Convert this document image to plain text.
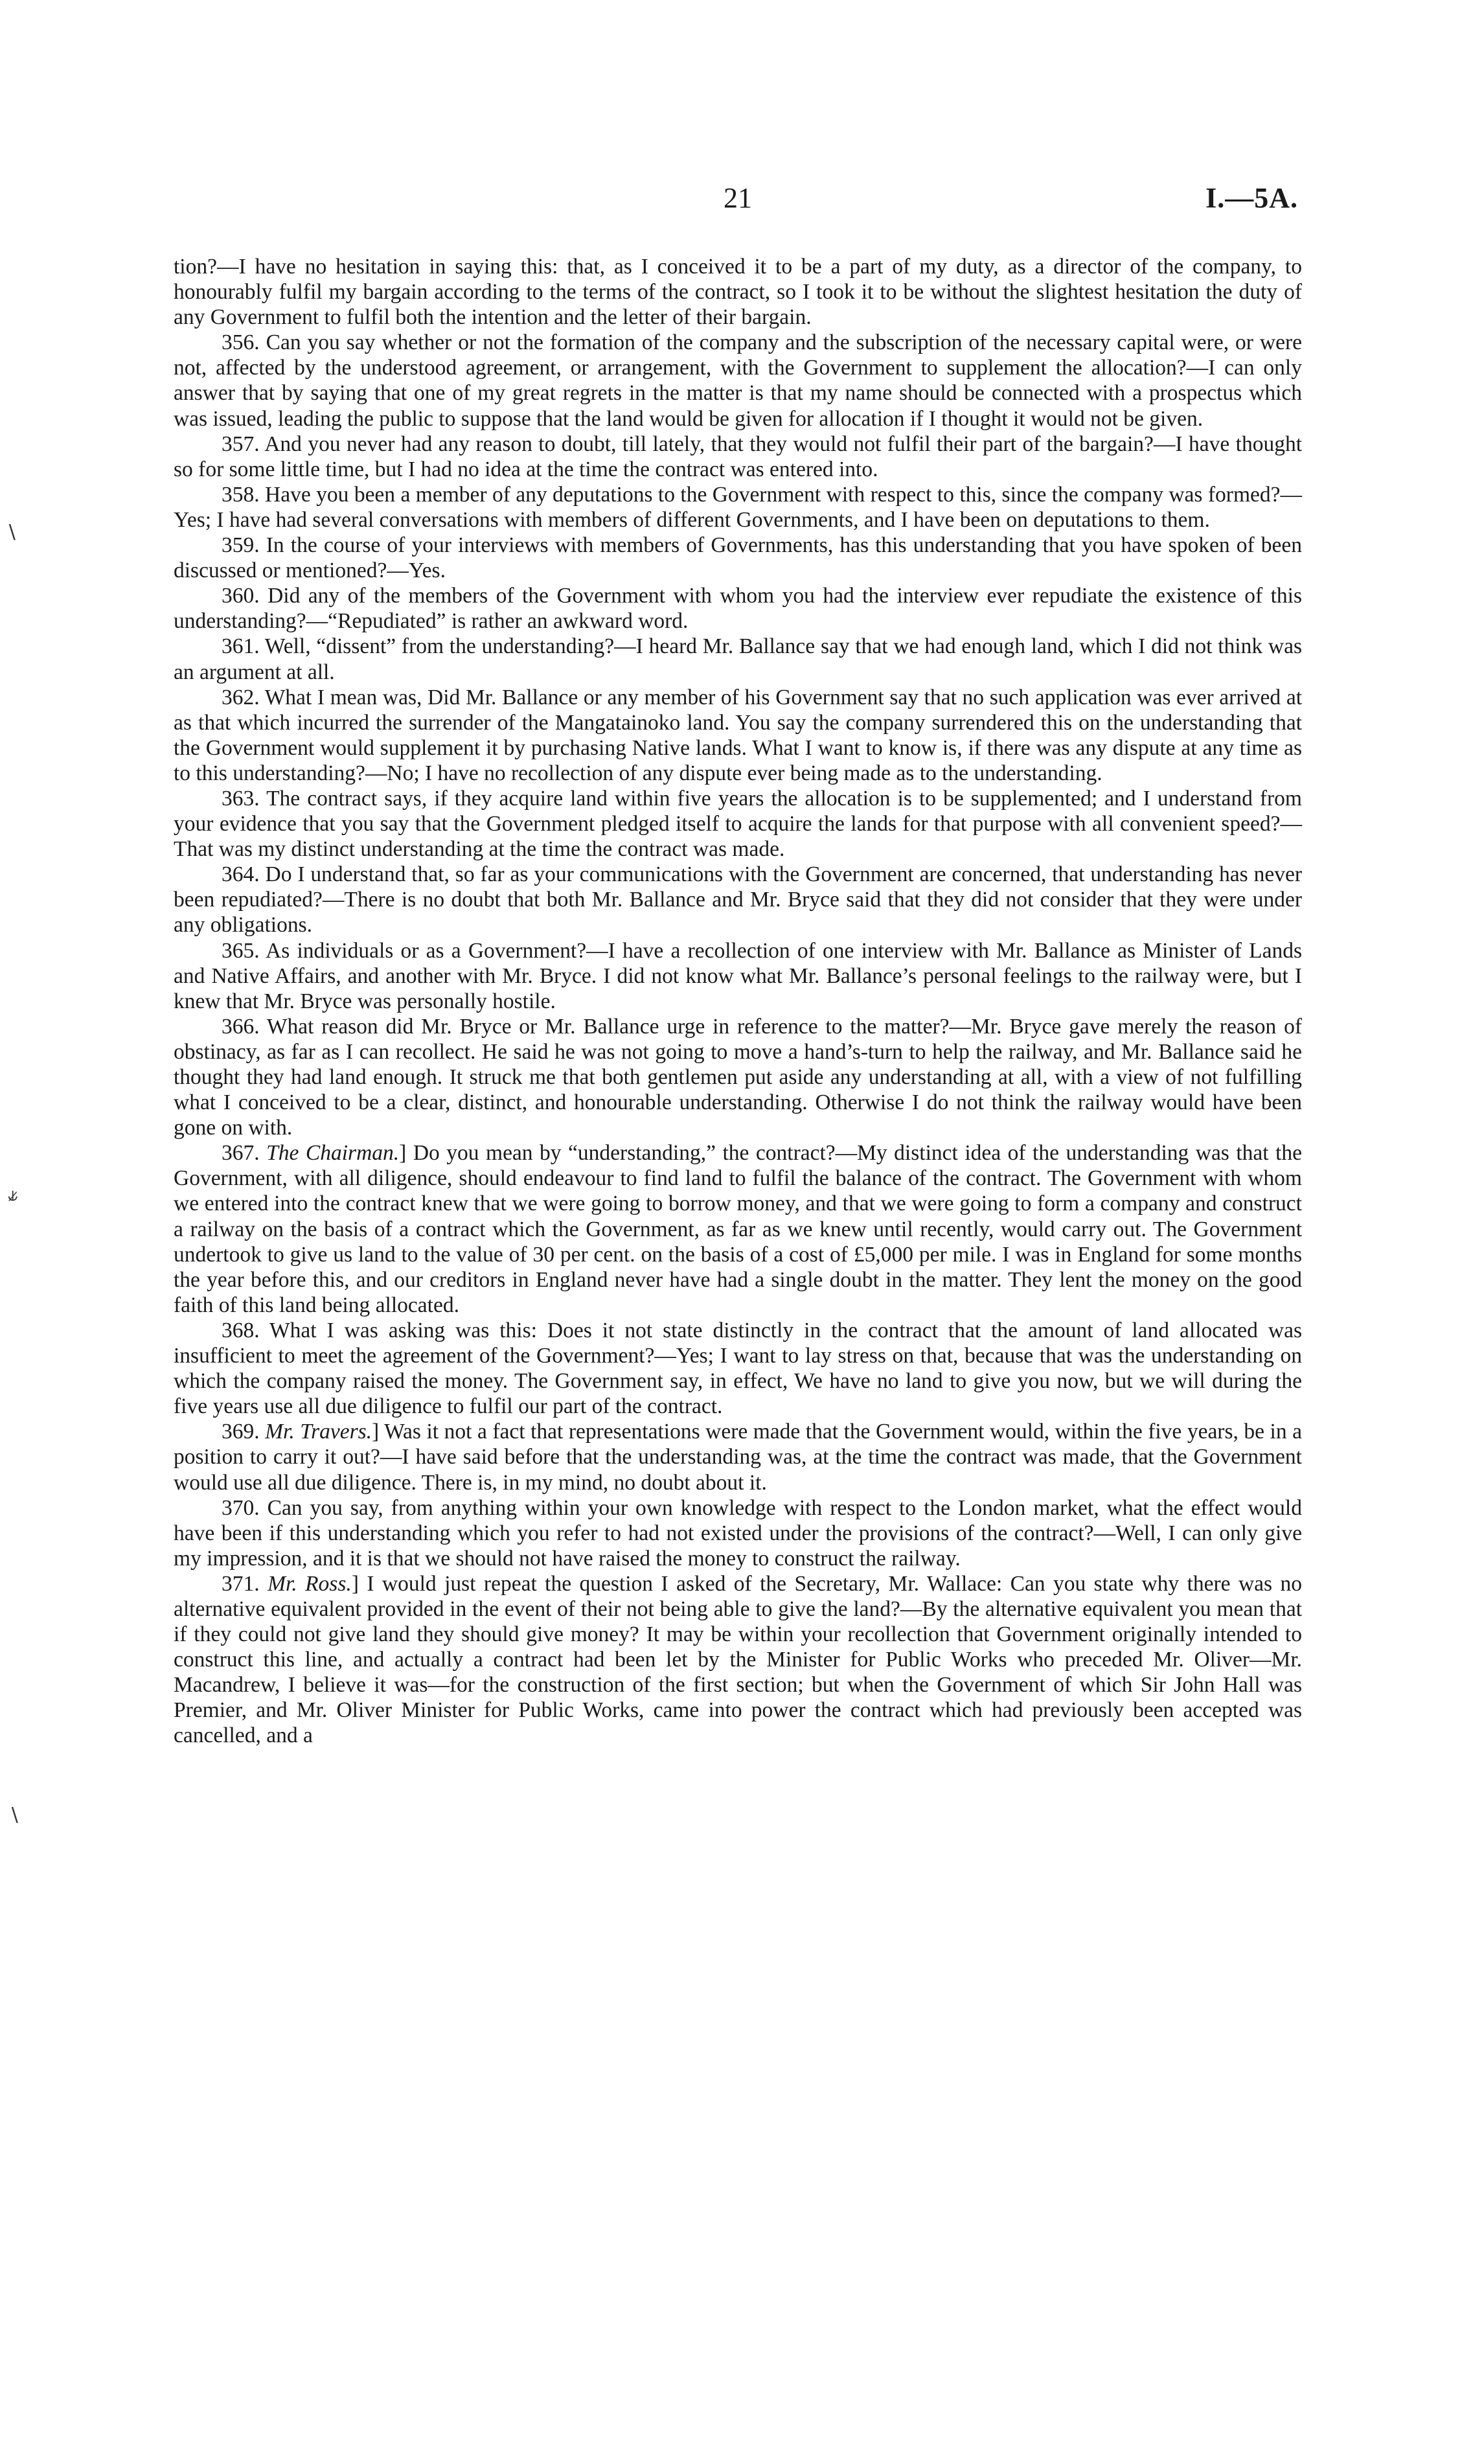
∖
⫝̸
∖
21	I.—5A.

tion?—I have no hesitation in saying this: that, as I conceived it to be a part of my duty, as a director of the company, to honourably fulfil my bargain according to the terms of the contract, so I took it to be without the slightest hesitation the duty of any Government to fulfil both the intention and the letter of their bargain.

356. Can you say whether or not the formation of the company and the subscription of the necessary capital were, or were not, affected by the understood agreement, or arrangement, with the Government to supplement the allocation?—I can only answer that by saying that one of my great regrets in the matter is that my name should be connected with a prospectus which was issued, leading the public to suppose that the land would be given for allocation if I thought it would not be given.

357. And you never had any reason to doubt, till lately, that they would not fulfil their part of the bargain?—I have thought so for some little time, but I had no idea at the time the contract was entered into.

358. Have you been a member of any deputations to the Government with respect to this, since the company was formed?—Yes; I have had several conversations with members of different Governments, and I have been on deputations to them.

359. In the course of your interviews with members of Governments, has this understanding that you have spoken of been discussed or mentioned?—Yes.

360. Did any of the members of the Government with whom you had the interview ever repudiate the existence of this understanding?—“Repudiated” is rather an awkward word.

361. Well, “dissent” from the understanding?—I heard Mr. Ballance say that we had enough land, which I did not think was an argument at all.

362. What I mean was, Did Mr. Ballance or any member of his Government say that no such application was ever arrived at as that which incurred the surrender of the Mangatainoko land. You say the company surrendered this on the understanding that the Government would supplement it by purchasing Native lands. What I want to know is, if there was any dispute at any time as to this understanding?—No; I have no recollection of any dispute ever being made as to the understanding.

363. The contract says, if they acquire land within five years the allocation is to be supplemented; and I understand from your evidence that you say that the Government pledged itself to acquire the lands for that purpose with all convenient speed?—That was my distinct understanding at the time the contract was made.

364. Do I understand that, so far as your communications with the Government are concerned, that understanding has never been repudiated?—There is no doubt that both Mr. Ballance and Mr. Bryce said that they did not consider that they were under any obligations.

365. As individuals or as a Government?—I have a recollection of one interview with Mr. Ballance as Minister of Lands and Native Affairs, and another with Mr. Bryce. I did not know what Mr. Ballance’s personal feelings to the railway were, but I knew that Mr. Bryce was personally hostile.

366. What reason did Mr. Bryce or Mr. Ballance urge in reference to the matter?—Mr. Bryce gave merely the reason of obstinacy, as far as I can recollect. He said he was not going to move a hand’s-turn to help the railway, and Mr. Ballance said he thought they had land enough. It struck me that both gentlemen put aside any understanding at all, with a view of not fulfilling what I conceived to be a clear, distinct, and honourable understanding. Otherwise I do not think the railway would have been gone on with.

367. The Chairman.] Do you mean by “understanding,” the contract?—My distinct idea of the understanding was that the Government, with all diligence, should endeavour to find land to fulfil the balance of the contract. The Government with whom we entered into the contract knew that we were going to borrow money, and that we were going to form a company and construct a railway on the basis of a contract which the Government, as far as we knew until recently, would carry out. The Government undertook to give us land to the value of 30 per cent. on the basis of a cost of £5,000 per mile. I was in England for some months the year before this, and our creditors in England never have had a single doubt in the matter. They lent the money on the good faith of this land being allocated.

368. What I was asking was this: Does it not state distinctly in the contract that the amount of land allocated was insufficient to meet the agreement of the Government?—Yes; I want to lay stress on that, because that was the understanding on which the company raised the money. The Government say, in effect, We have no land to give you now, but we will during the five years use all due diligence to fulfil our part of the contract.

369. Mr. Travers.] Was it not a fact that representations were made that the Government would, within the five years, be in a position to carry it out?—I have said before that the understanding was, at the time the contract was made, that the Government would use all due diligence. There is, in my mind, no doubt about it.

370. Can you say, from anything within your own knowledge with respect to the London market, what the effect would have been if this understanding which you refer to had not existed under the provisions of the contract?—Well, I can only give my impression, and it is that we should not have raised the money to construct the railway.

371. Mr. Ross.] I would just repeat the question I asked of the Secretary, Mr. Wallace: Can you state why there was no alternative equivalent provided in the event of their not being able to give the land?—By the alternative equivalent you mean that if they could not give land they should give money? It may be within your recollection that Government originally intended to construct this line, and actually a contract had been let by the Minister for Public Works who preceded Mr. Oliver—Mr. Macandrew, I believe it was—for the construction of the first section; but when the Government of which Sir John Hall was Premier, and Mr. Oliver Minister for Public Works, came into power the contract which had previously been accepted was cancelled, and a
